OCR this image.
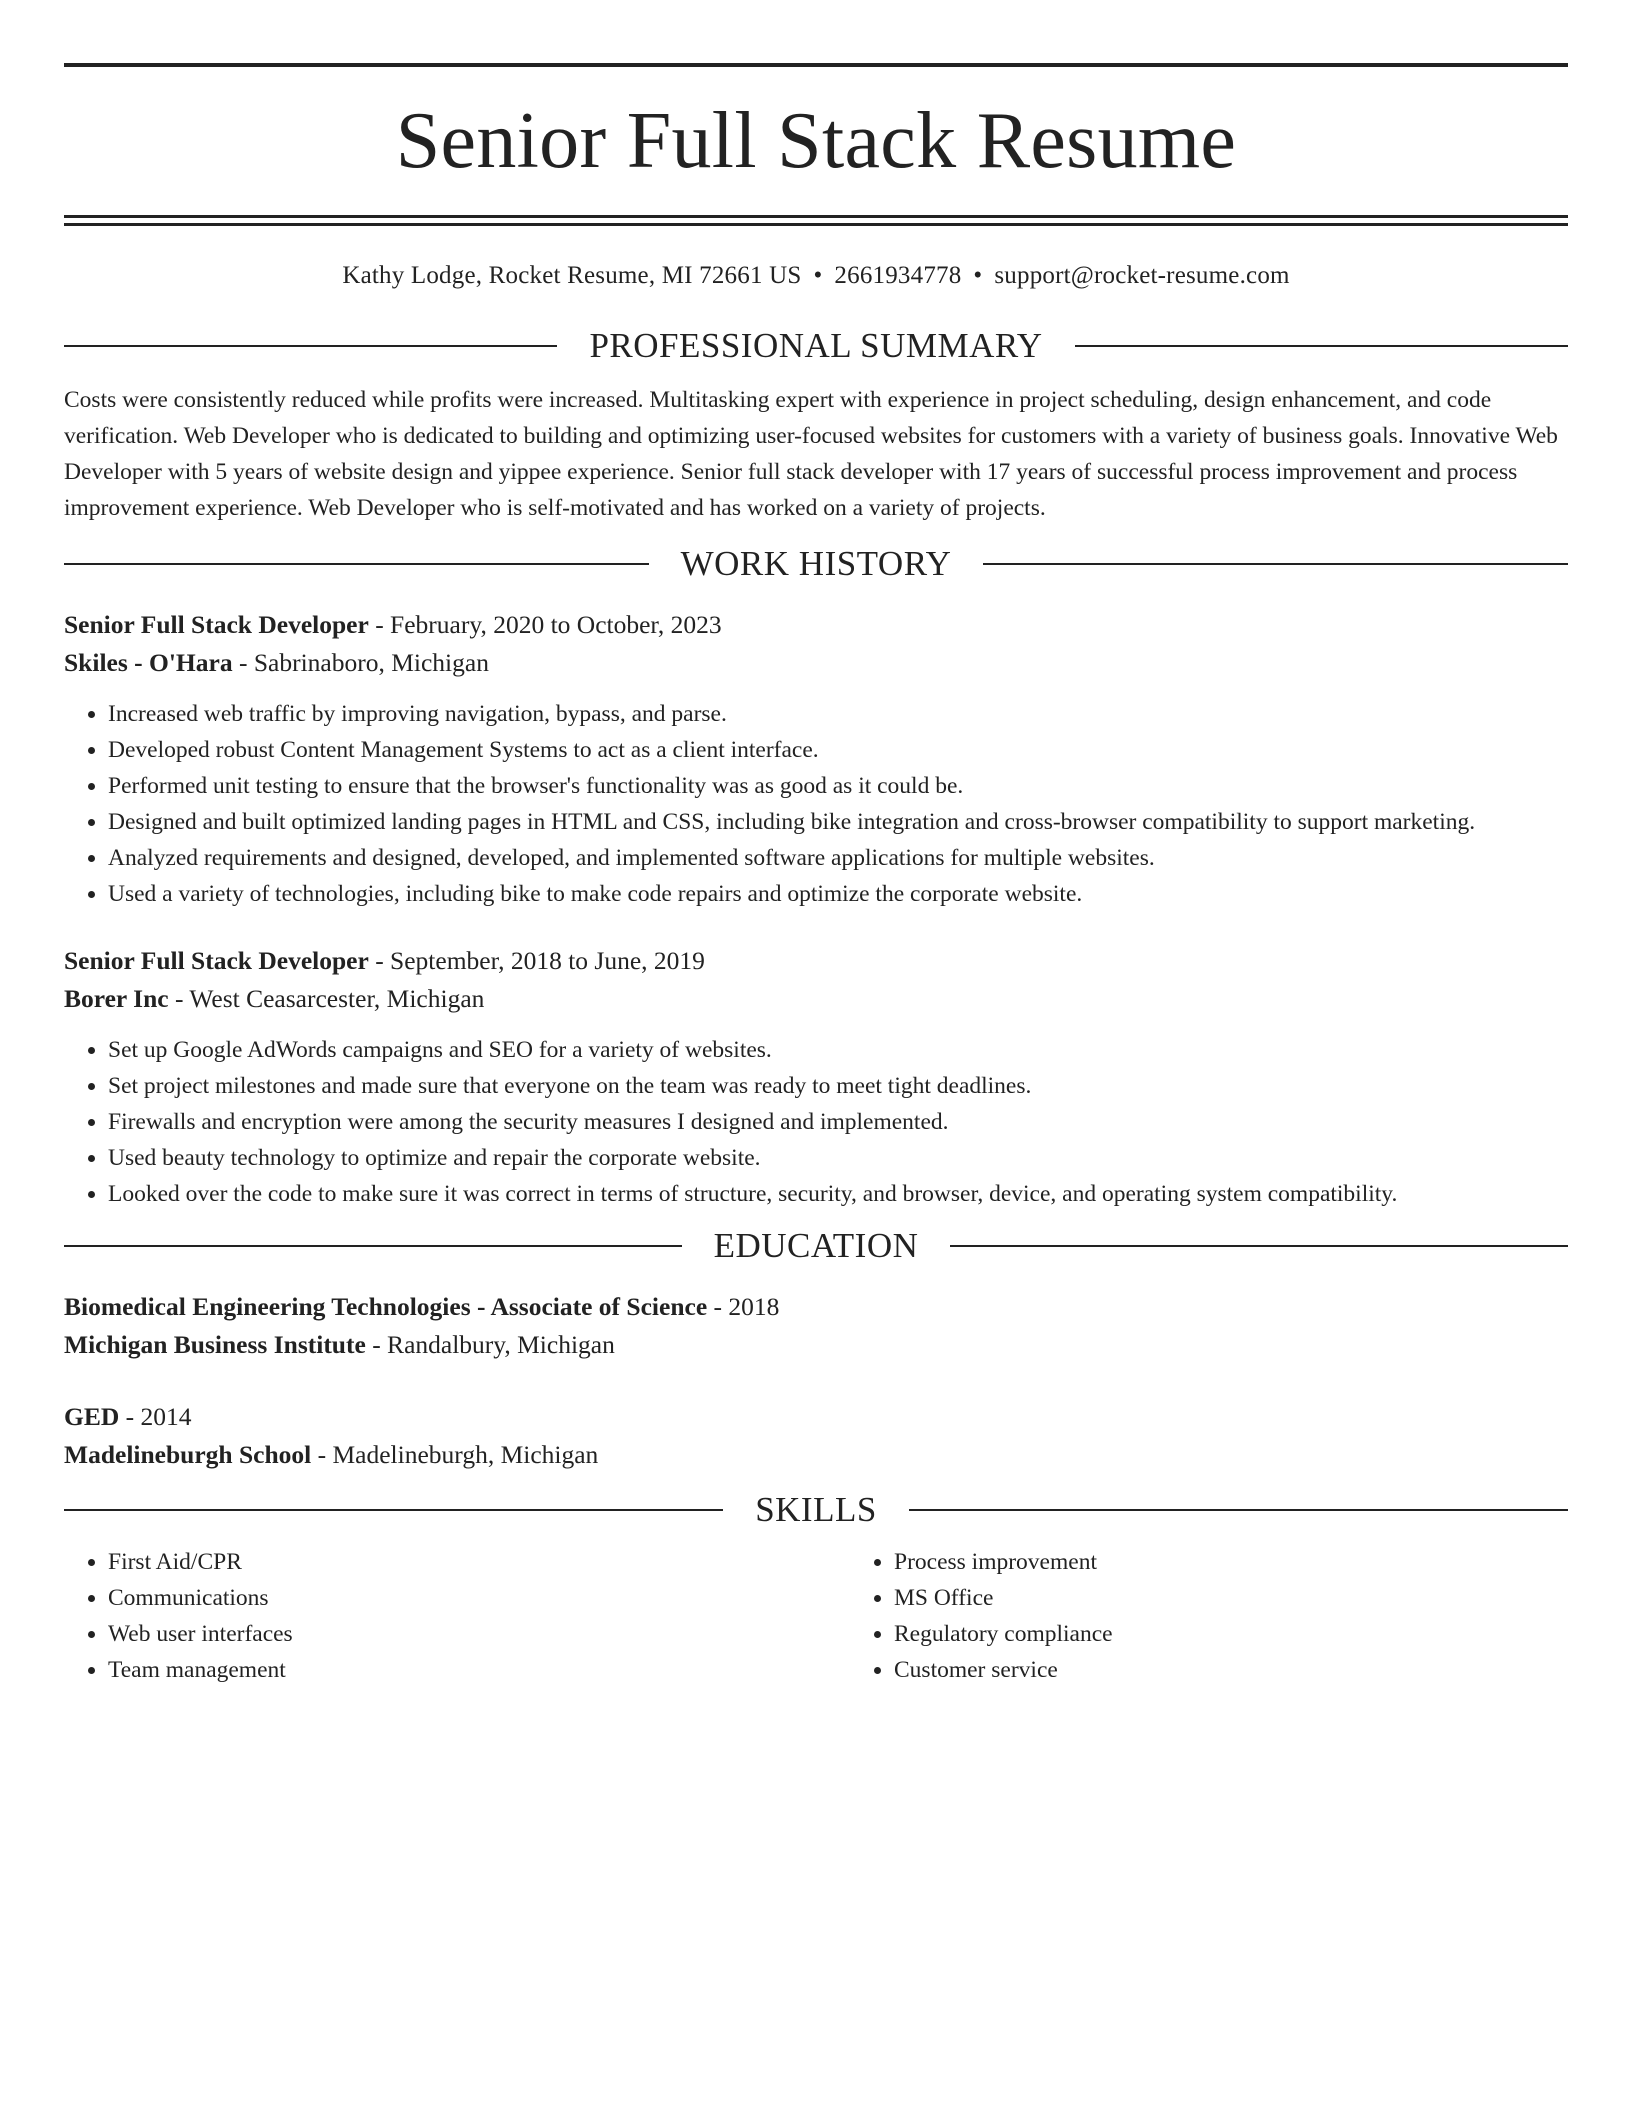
Senior Full Stack Resume
Kathy Lodge, Rocket Resume, MI 72661 US • 2661934778 • support@rocket-resume.com
PROFESSIONAL SUMMARY

Costs were consistently reduced while profits were increased. Multitasking expert with experience in project scheduling, design enhancement, and code verification. Web Developer who is dedicated to building and optimizing user-focused websites for customers with a variety of business goals. Innovative Web Developer with 5 years of website design and yippee experience. Senior full stack developer with 17 years of successful process improvement and process improvement experience. Web Developer who is self-motivated and has worked on a variety of projects.

WORK HISTORY

Senior Full Stack Developer - February, 2020 to October, 2023

Skiles - O'Hara - Sabrinaboro, Michigan

• Increased web traffic by improving navigation, bypass, and parse.
• Developed robust Content Management Systems to act as a client interface.
• Performed unit testing to ensure that the browser's functionality was as good as it could be.
• Designed and built optimized landing pages in HTML and CSS, including bike integration and cross-browser compatibility to support marketing.
• Analyzed requirements and designed, developed, and implemented software applications for multiple websites.
• Used a variety of technologies, including bike to make code repairs and optimize the corporate website.

Senior Full Stack Developer - September, 2018 to June, 2019

Borer Inc - West Ceasarcester, Michigan

• Set up Google AdWords campaigns and SEO for a variety of websites.
• Set project milestones and made sure that everyone on the team was ready to meet tight deadlines.
• Firewalls and encryption were among the security measures I designed and implemented.
• Used beauty technology to optimize and repair the corporate website.
• Looked over the code to make sure it was correct in terms of structure, security, and browser, device, and operating system compatibility.
EDUCATION

Biomedical Engineering Technologies - Associate of Science - 2018

Michigan Business Institute - Randalbury, Michigan

GED - 2014

Madelineburgh School - Madelineburgh, Michigan

SKILLS
• First Aid/CPR
• Communications
• Web user interfaces
• Team management
• Process improvement
• MS Office
• Regulatory compliance
• Customer service
